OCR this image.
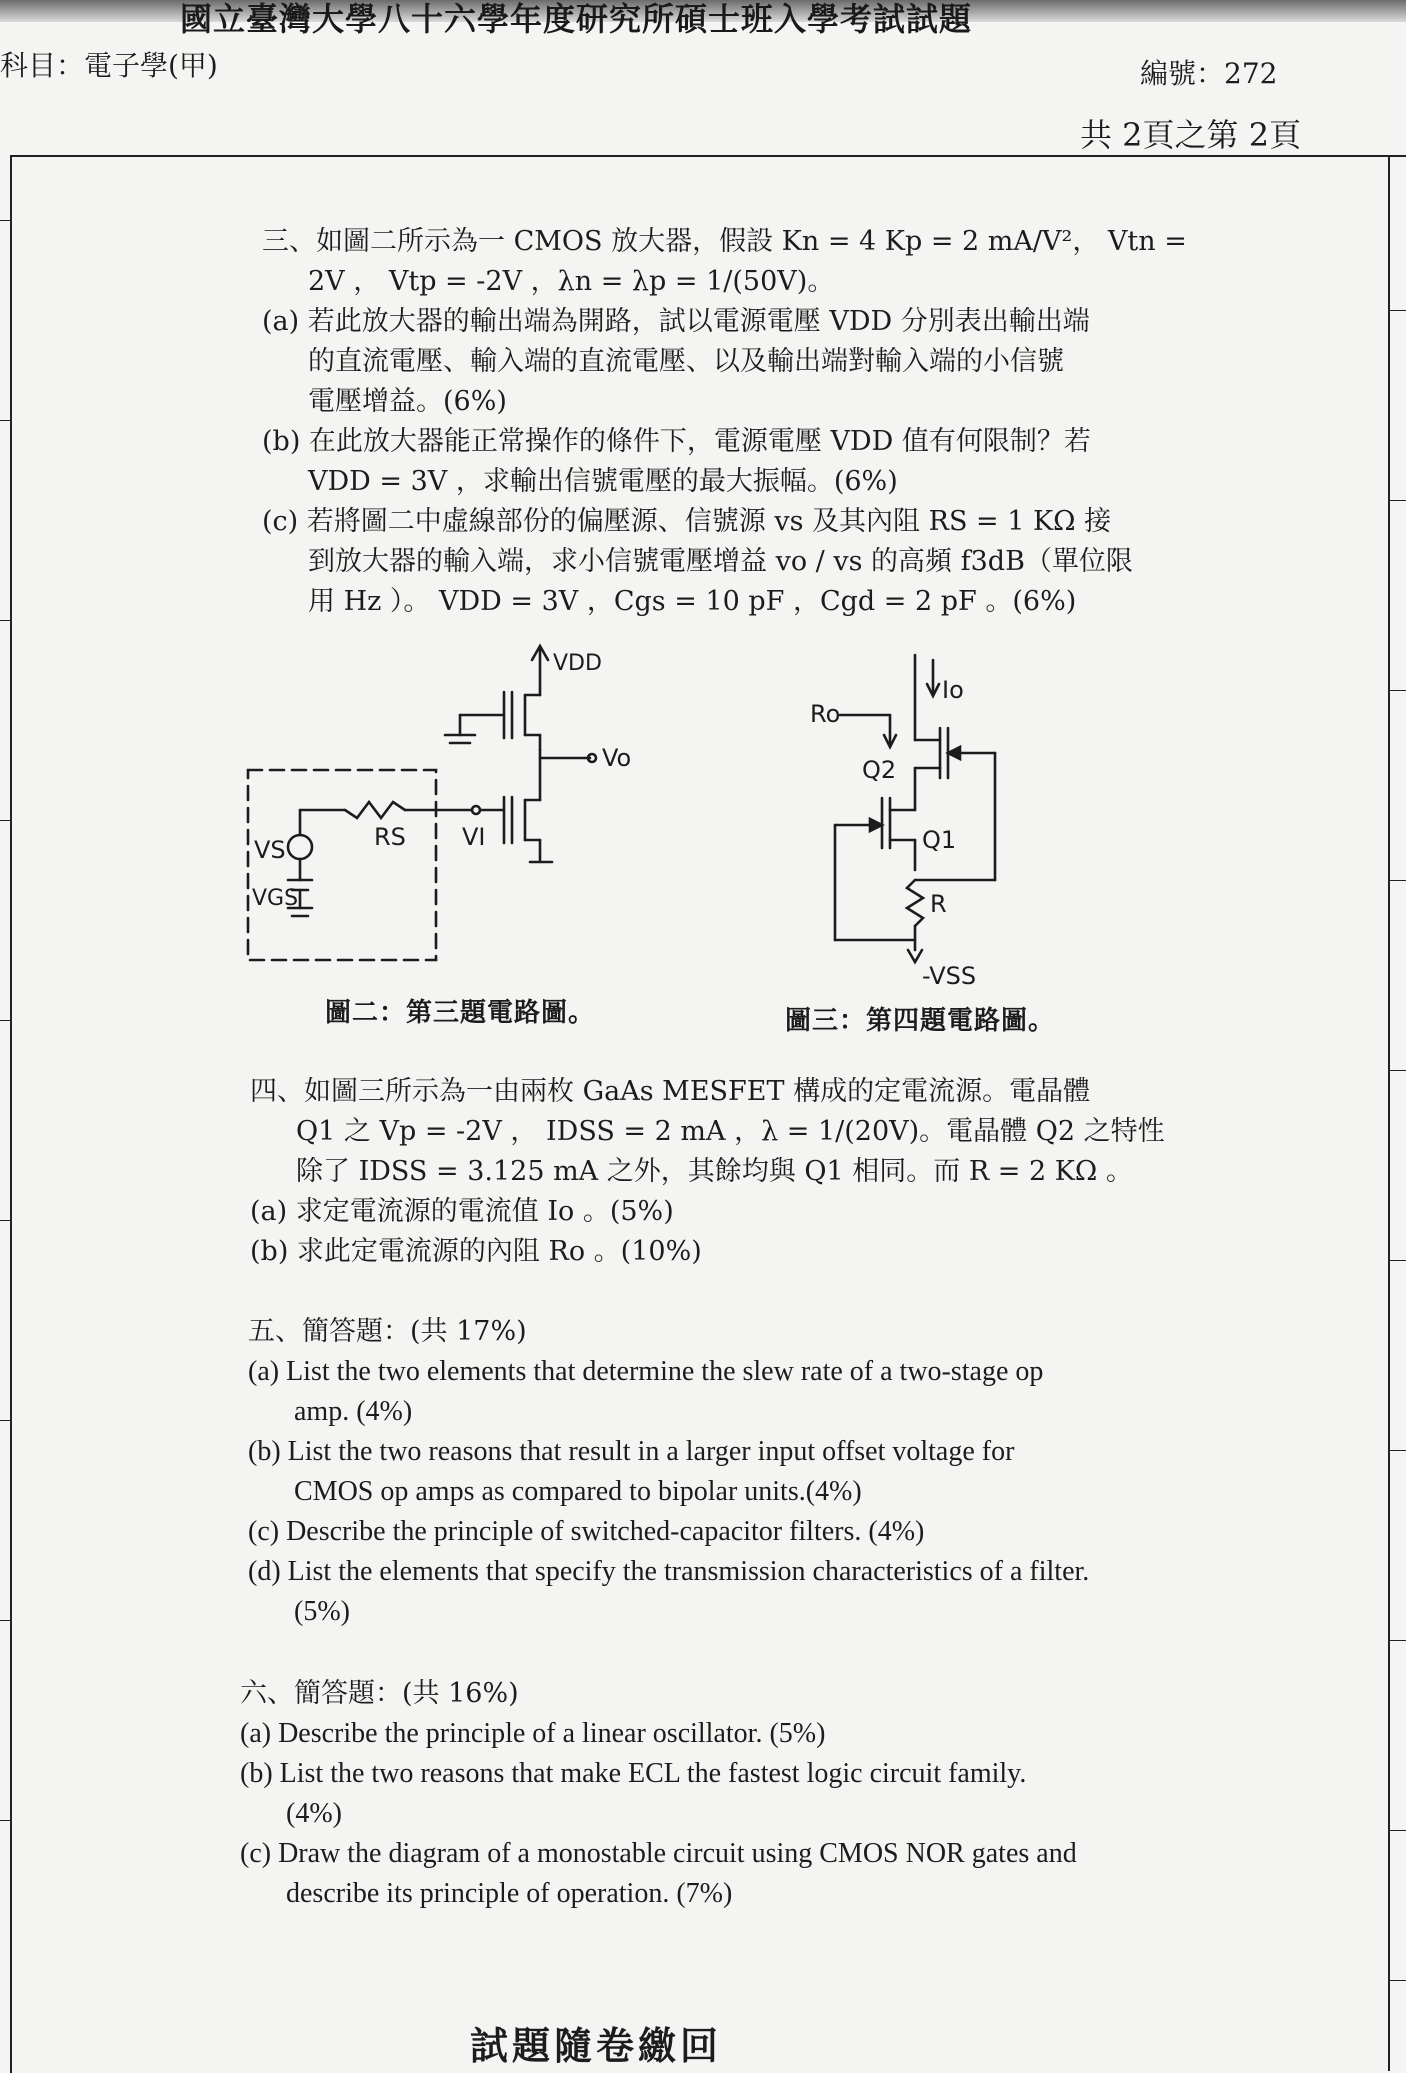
國立臺灣大學八十六學年度研究所碩士班入學考試試題
科目：電子學(甲)	編號：272
共 2頁之第 2頁

三、如圖二所示為一 CMOS 放大器，假設 Kn = 4 Kp = 2 mA/V²， Vtn =

2V ， Vtp = -2V ，λn = λp = 1/(50V)。

(a) 若此放大器的輸出端為開路，試以電源電壓 VDD 分別表出輸出端

的直流電壓、輸入端的直流電壓、以及輸出端對輸入端的小信號

電壓增益。(6%)

(b) 在此放大器能正常操作的條件下，電源電壓 VDD 值有何限制？若

VDD = 3V ，求輸出信號電壓的最大振幅。(6%)

(c) 若將圖二中虛線部份的偏壓源、信號源 vs 及其內阻 RS = 1 KΩ 接

到放大器的輸入端，求小信號電壓增益 vo / vs 的高頻 f3dB（單位限

用 Hz ）。 VDD = 3V ，Cgs = 10 pF ，Cgd = 2 pF 。(6%)

VDD
Vo
RS VI
VS
VGS
Ro
Io
Q2
Q1
R
-VSS
圖二：第三題電路圖。	圖三：第四題電路圖。

四、如圖三所示為一由兩枚 GaAs MESFET 構成的定電流源。電晶體

Q1 之 Vp = -2V ， IDSS = 2 mA ，λ = 1/(20V)。電晶體 Q2 之特性

除了 IDSS = 3.125 mA 之外，其餘均與 Q1 相同。而 R = 2 KΩ 。

(a) 求定電流源的電流值 Io 。(5%)

(b) 求此定電流源的內阻 Ro 。(10%)

五、簡答題：(共 17%)

(a) List the two elements that determine the slew rate of a two-stage op

amp. (4%)

(b) List the two reasons that result in a larger input offset voltage for

CMOS op amps as compared to bipolar units.(4%)

(c) Describe the principle of switched-capacitor filters. (4%)

(d) List the elements that specify the transmission characteristics of a filter.

(5%)

六、簡答題：(共 16%)

(a) Describe the principle of a linear oscillator. (5%)

(b) List the two reasons that make ECL the fastest logic circuit family.

(4%)

(c) Draw the diagram of a monostable circuit using CMOS NOR gates and

describe its principle of operation. (7%)

試題隨卷繳回
